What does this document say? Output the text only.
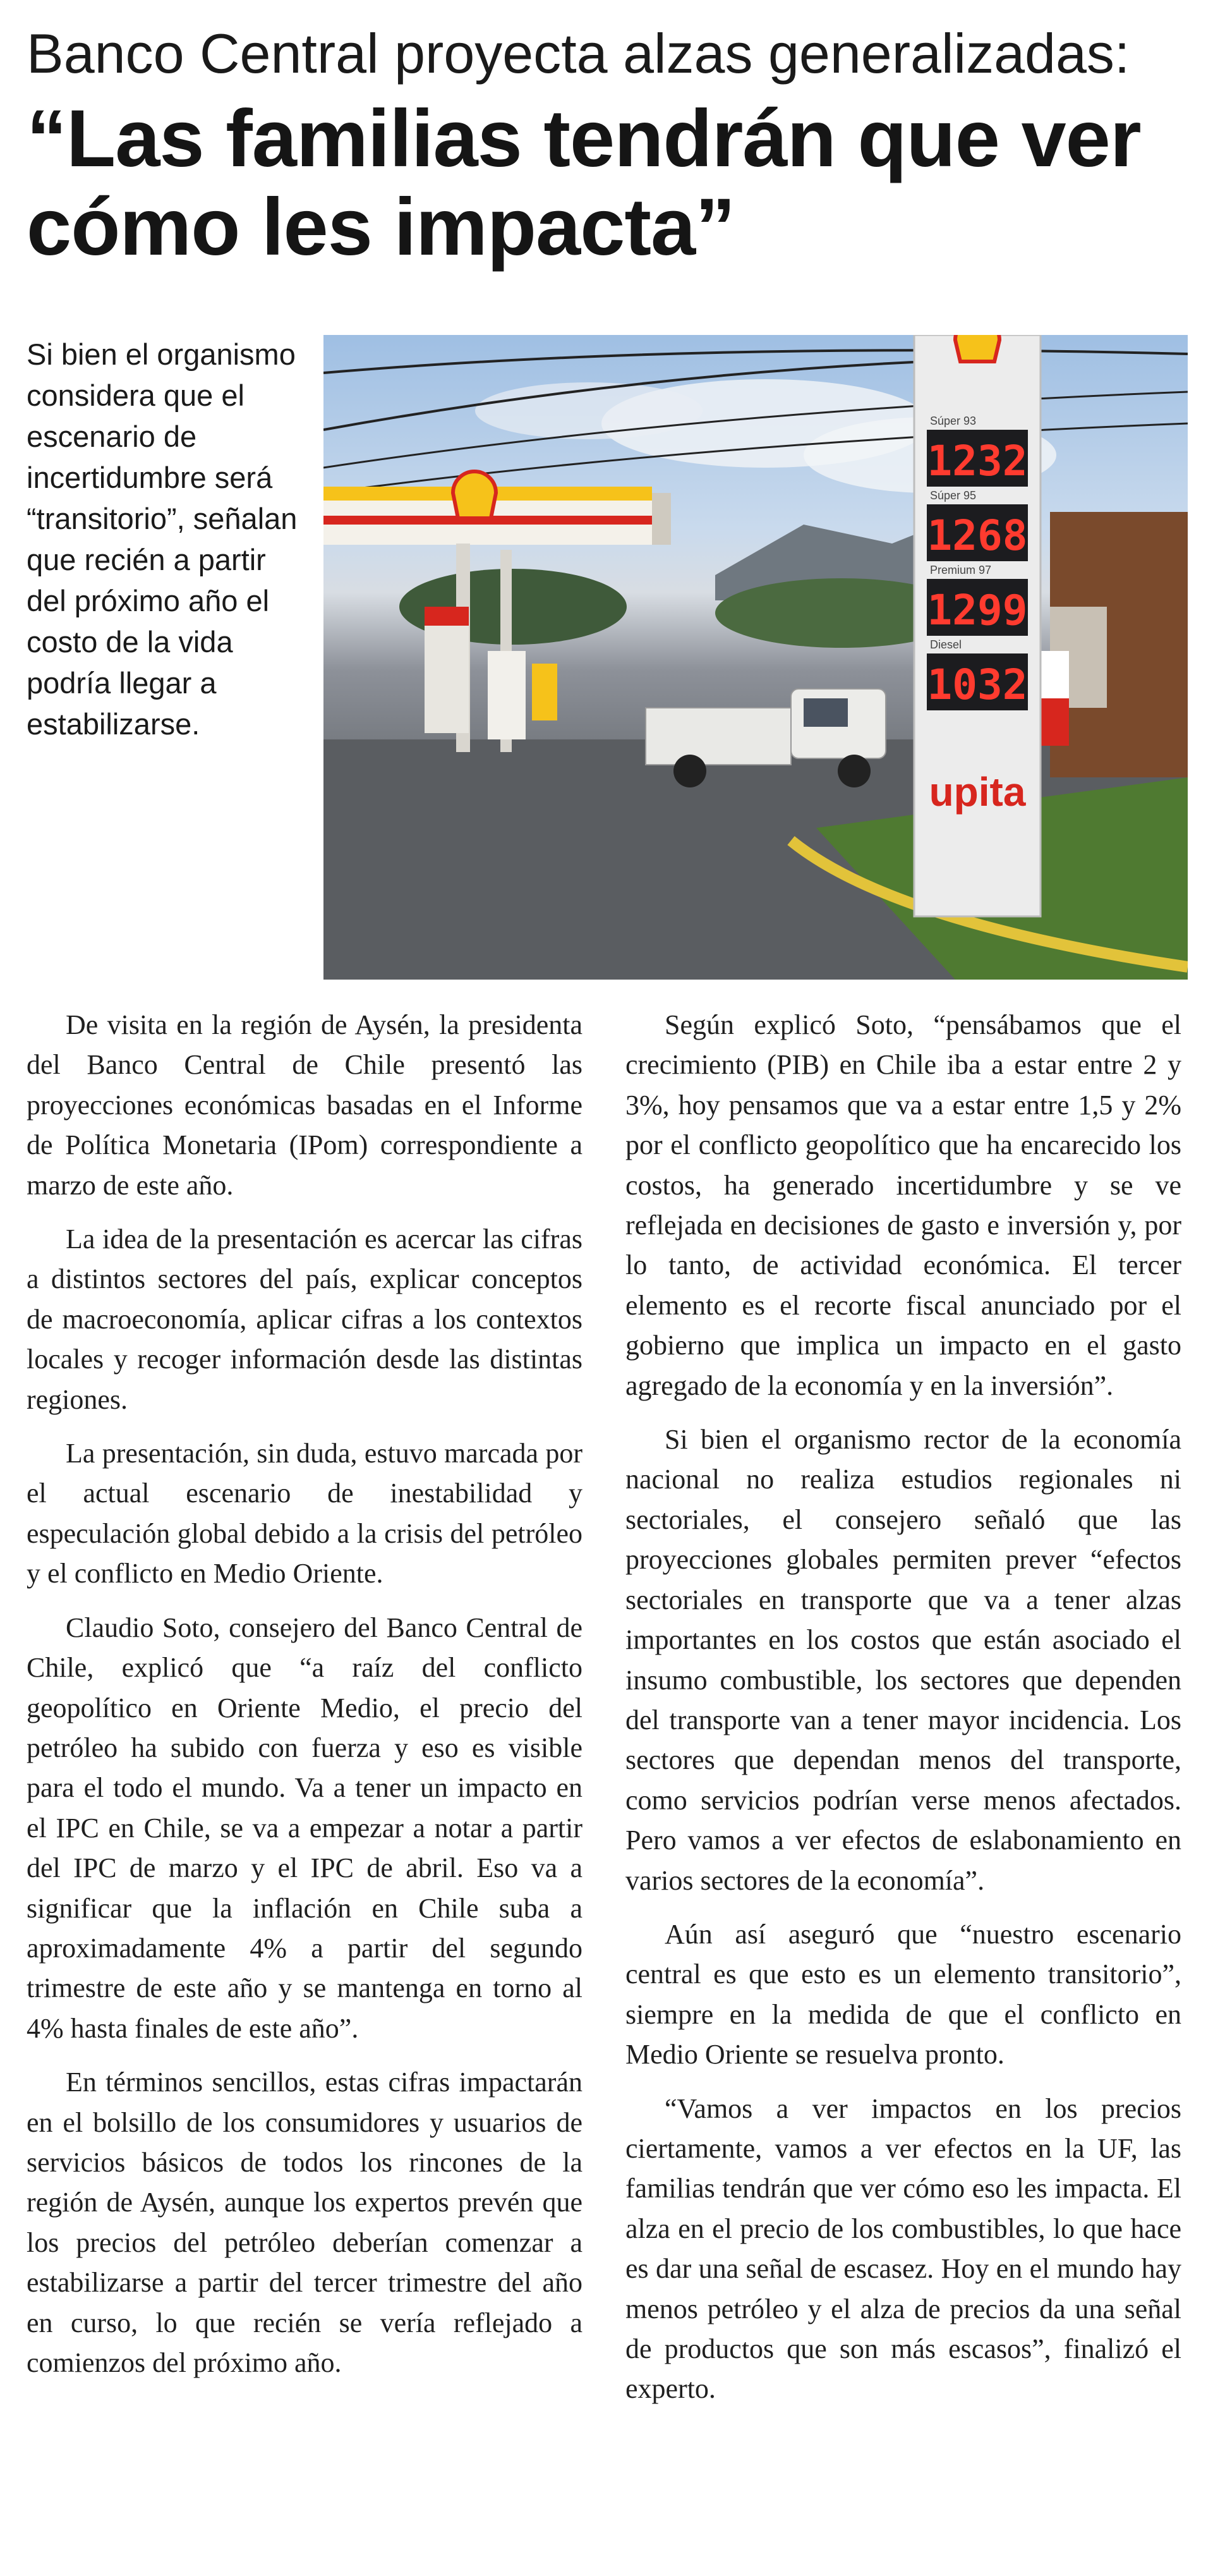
Banco Central proyecta alzas generalizadas:
“Las familias tendrán que ver cómo les impacta”
Si bien el organismo considera que el escenario de incertidumbre será “transitorio”, señalan que recién a partir del próximo año el costo de la vida podría llegar a estabilizarse.
Súper 93
1232
Súper 95
1268
Premium 97
1299
Diesel
1032
upita

De visita en la región de Aysén, la presidenta del Banco Central de Chile presentó las proyecciones económicas basadas en el Informe de Política Monetaria (IPom) correspondiente a marzo de este año.

La idea de la presentación es acercar las cifras a distintos sectores del país, explicar conceptos de macroeconomía, aplicar cifras a los contextos locales y recoger información desde las distintas regiones.

La presentación, sin duda, estuvo marcada por el actual escenario de inestabilidad y especulación global debido a la crisis del petróleo y el conflicto en Medio Oriente.

Claudio Soto, consejero del Banco Central de Chile, explicó que “a raíz del conflicto geopolítico en Oriente Medio, el precio del petróleo ha subido con fuerza y eso es visible para el todo el mundo. Va a tener un impacto en el IPC en Chile, se va a empezar a notar a partir del IPC de marzo y el IPC de abril. Eso va a significar que la inflación en Chile suba a aproximadamente 4% a partir del segundo trimestre de este año y se mantenga en torno al 4% hasta finales de este año”.

En términos sencillos, estas cifras impactarán en el bolsillo de los consumidores y usuarios de servicios básicos de todos los rincones de la región de Aysén, aunque los expertos prevén que los precios del petróleo deberían comenzar a estabilizarse a partir del tercer trimestre del año en curso, lo que recién se vería reflejado a comienzos del próximo año.

Según explicó Soto, “pensábamos que el crecimiento (PIB) en Chile iba a estar entre 2 y 3%, hoy pensamos que va a estar entre 1,5 y 2% por el conflicto geopolítico que ha encarecido los costos, ha generado incertidumbre y se ve reflejada en decisiones de gasto e inversión y, por lo tanto, de actividad económica. El tercer elemento es el recorte fiscal anunciado por el gobierno que implica un impacto en el gasto agregado de la economía y en la inversión”.

Si bien el organismo rector de la economía nacional no realiza estudios regionales ni sectoriales, el consejero señaló que las proyecciones globales permiten prever “efectos sectoriales en transporte que va a tener alzas importantes en los costos que están asociado el insumo combustible, los sectores que dependen del transporte van a tener mayor incidencia. Los sectores que dependan menos del transporte, como servicios podrían verse menos afectados. Pero vamos a ver efectos de eslabonamiento en varios sectores de la economía”.

Aún así aseguró que “nuestro escenario central es que esto es un elemento transitorio”, siempre en la medida de que el conflicto en Medio Oriente se resuelva pronto.

“Vamos a ver impactos en los precios ciertamente, vamos a ver efectos en la UF, las familias tendrán que ver cómo eso les impacta. El alza en el precio de los combustibles, lo que hace es dar una señal de escasez. Hoy en el mundo hay menos petróleo y el alza de precios da una señal de productos que son más escasos”, finalizó el experto.
